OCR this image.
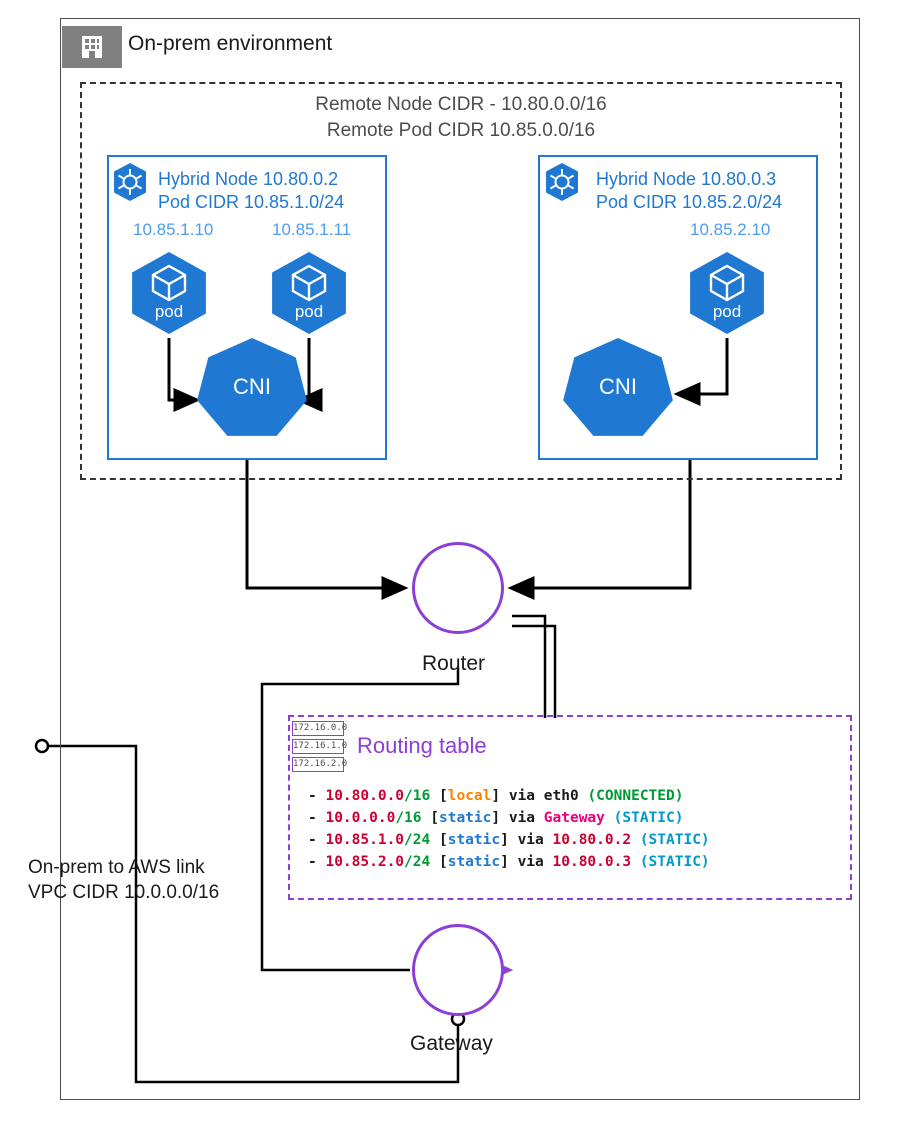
On-prem environment
Remote Node CIDR - 10.80.0.0/16
Remote Pod CIDR 10.85.0.0/16
Hybrid Node 10.80.0.2
Pod CIDR 10.85.1.0/24
10.85.1.10	10.85.1.11
pod	pod
CNI
Hybrid Node 10.80.0.3
Pod CIDR 10.85.2.0/24
10.85.2.10
pod
CNI
Router
Gateway
Routing table
172.16.0.0
172.16.1.0
172.16.2.0
- 10.80.0.0/16 [local] via eth0 (CONNECTED)
- 10.0.0.0/16 [static] via Gateway (STATIC)
- 10.85.1.0/24 [static] via 10.80.0.2 (STATIC)
- 10.85.2.0/24 [static] via 10.80.0.3 (STATIC)
On-prem to AWS link
VPC CIDR 10.0.0.0/16
